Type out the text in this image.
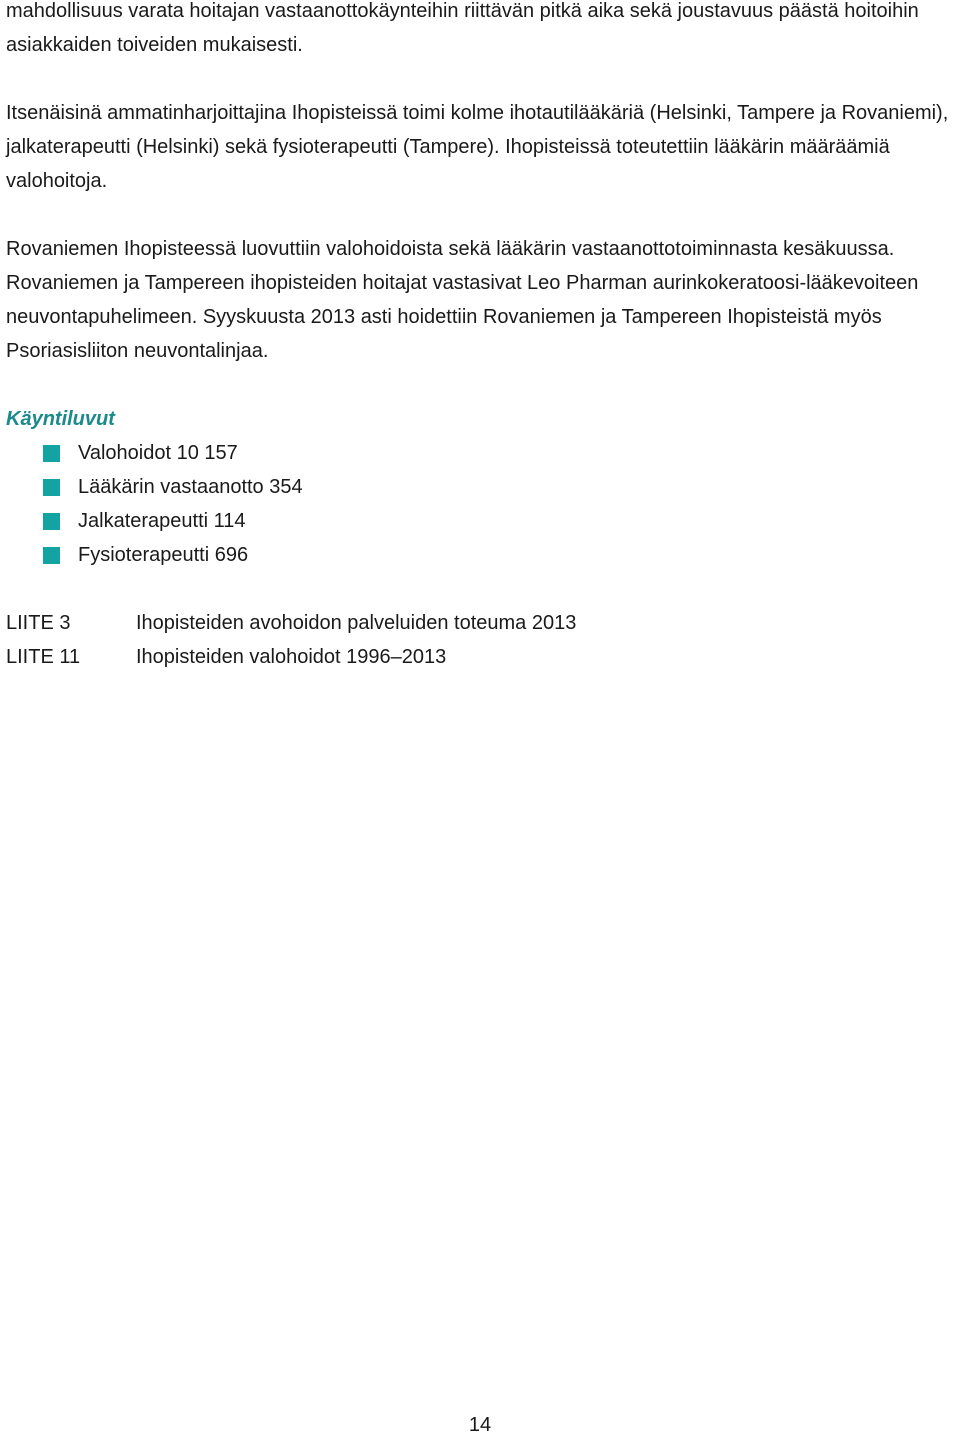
mahdollisuus varata hoitajan vastaanottokäynteihin riittävän pitkä aika sekä joustavuus päästä hoitoihin asiakkaiden toiveiden mukaisesti.

Itsenäisinä ammatinharjoittajina Ihopisteissä toimi kolme ihotautilääkäriä (Helsinki, Tampere ja Rovaniemi), jalkaterapeutti (Helsinki) sekä fysioterapeutti (Tampere). Ihopisteissä toteutettiin lääkärin määräämiä valohoitoja.

Rovaniemen Ihopisteessä luovuttiin valohoidoista sekä lääkärin vastaanottotoiminnasta kesäkuussa. Rovaniemen ja Tampereen ihopisteiden hoitajat vastasivat Leo Pharman aurinkokeratoosi-lääkevoiteen neuvontapuhelimeen. Syyskuusta 2013 asti hoidettiin Rovaniemen ja Tampereen Ihopisteistä myös Psoriasisliiton neuvontalinjaa.

Käyntiluvut
Valohoidot 10 157
Lääkärin vastaanotto 354
Jalkaterapeutti 114
Fysioterapeutti 696
LIITE 3	Ihopisteiden avohoidon palveluiden toteuma 2013
LIITE 11	Ihopisteiden valohoidot 1996–2013
14
